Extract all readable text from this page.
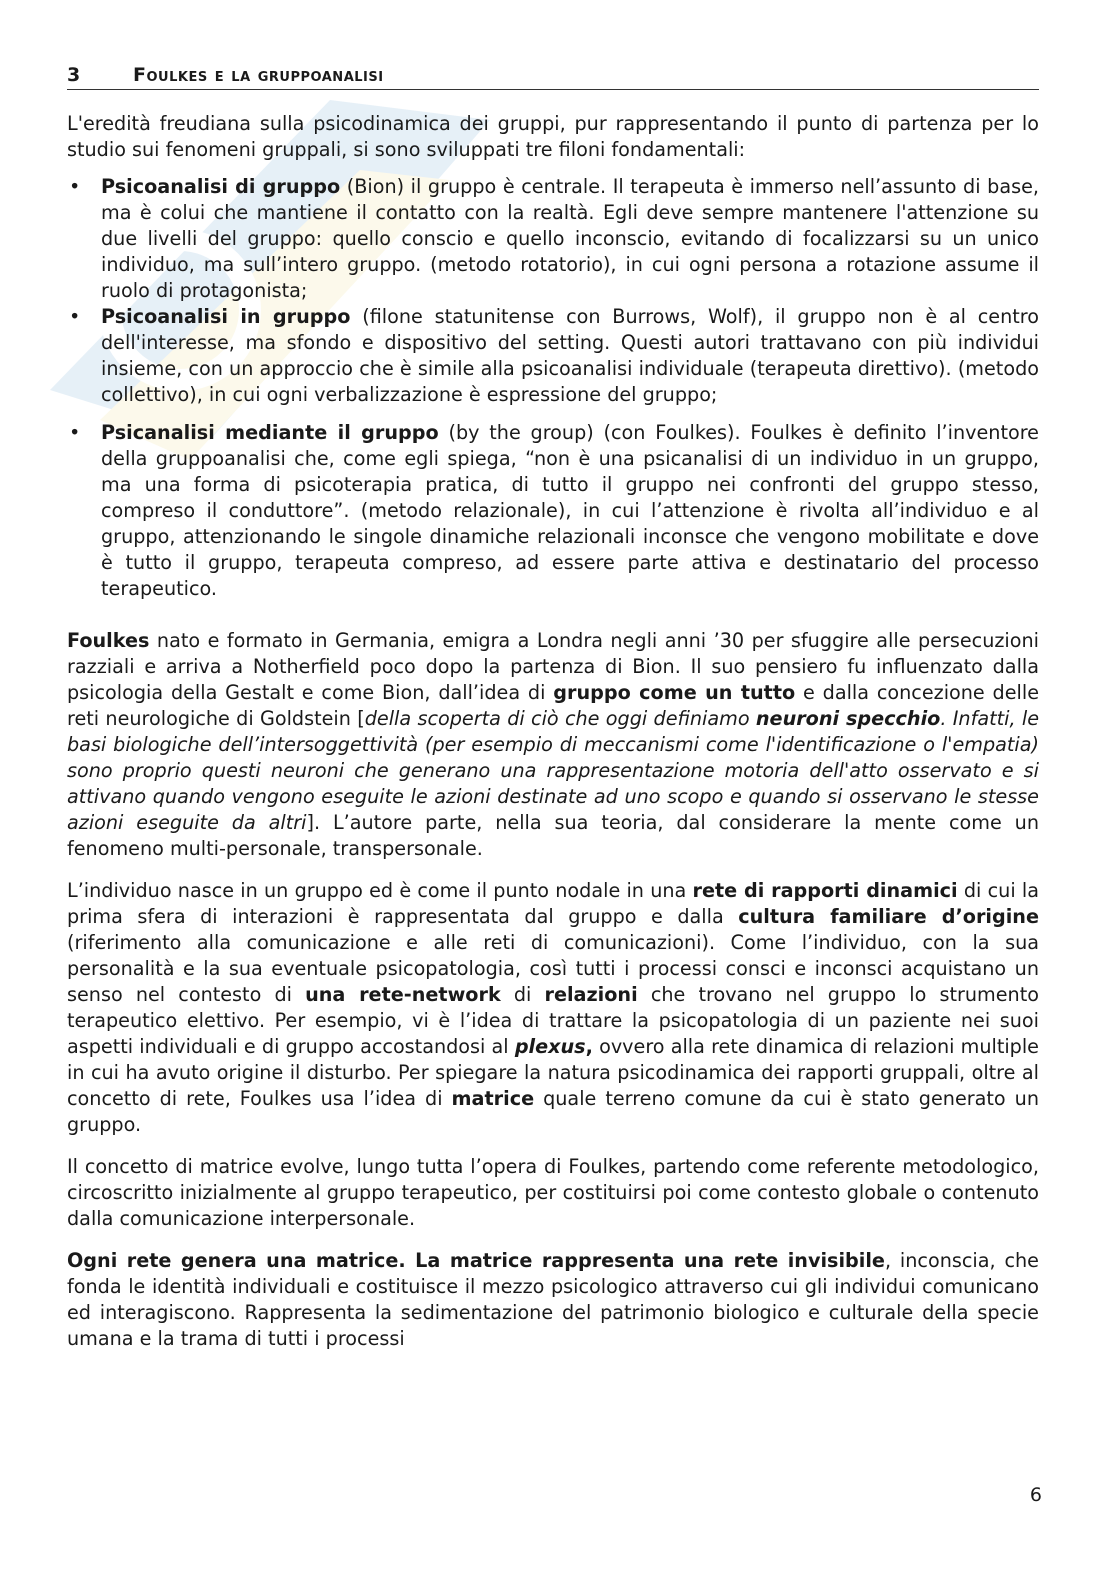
3	Foulkes e la gruppoanalisi

L'eredità freudiana sulla psicodinamica dei gruppi, pur rappresentando il punto di partenza per lo studio sui fenomeni gruppali, si sono sviluppati tre filoni fondamentali:

• Psicoanalisi di gruppo (Bion) il gruppo è centrale. Il terapeuta è immerso nell’assunto di base, ma è colui che mantiene il contatto con la realtà. Egli deve sempre mantenere l'attenzione su due livelli del gruppo: quello conscio e quello inconscio, evitando di focalizzarsi su un unico individuo, ma sull’intero gruppo. (metodo rotatorio), in cui ogni persona a rotazione assume il ruolo di protagonista;
• Psicoanalisi in gruppo (filone statunitense con Burrows, Wolf), il gruppo non è al centro dell'interesse, ma sfondo e dispositivo del setting. Questi autori trattavano con più individui insieme, con un approccio che è simile alla psicoanalisi individuale (terapeuta direttivo). (metodo collettivo), in cui ogni verbalizzazione è espressione del gruppo;
• Psicanalisi mediante il gruppo (by the group) (con Foulkes). Foulkes è definito l’inventore della gruppoanalisi che, come egli spiega, “non è una psicanalisi di un individuo in un gruppo, ma una forma di psicoterapia pratica, di tutto il gruppo nei confronti del gruppo stesso, compreso il conduttore”. (metodo relazionale), in cui l’attenzione è rivolta all’individuo e al gruppo, attenzionando le singole dinamiche relazionali inconsce che vengono mobilitate e dove è tutto il gruppo, terapeuta compreso, ad essere parte attiva e destinatario del processo terapeutico.

Foulkes nato e formato in Germania, emigra a Londra negli anni ’30 per sfuggire alle persecuzioni razziali e arriva a Notherfield poco dopo la partenza di Bion. Il suo pensiero fu influenzato dalla psicologia della Gestalt e come Bion, dall’idea di gruppo come un tutto e dalla concezione delle reti neurologiche di Goldstein [della scoperta di ciò che oggi definiamo neuroni specchio. Infatti, le basi biologiche dell’intersoggettività (per esempio di meccanismi come l'identificazione o l'empatia) sono proprio questi neuroni che generano una rappresentazione motoria dell'atto osservato e si attivano quando vengono eseguite le azioni destinate ad uno scopo e quando si osservano le stesse azioni eseguite da altri]. L’autore parte, nella sua teoria, dal considerare la mente come un fenomeno multi-personale, transpersonale.

L’individuo nasce in un gruppo ed è come il punto nodale in una rete di rapporti dinamici di cui la prima sfera di interazioni è rappresentata dal gruppo e dalla cultura familiare d’origine (riferimento alla comunicazione e alle reti di comunicazioni). Come l’individuo, con la sua personalità e la sua eventuale psicopatologia, così tutti i processi consci e inconsci acquistano un senso nel contesto di una rete-network di relazioni che trovano nel gruppo lo strumento terapeutico elettivo. Per esempio, vi è l’idea di trattare la psicopatologia di un paziente nei suoi aspetti individuali e di gruppo accostandosi al plexus, ovvero alla rete dinamica di relazioni multiple in cui ha avuto origine il disturbo. Per spiegare la natura psicodinamica dei rapporti gruppali, oltre al concetto di rete, Foulkes usa l’idea di matrice quale terreno comune da cui è stato generato un gruppo.

Il concetto di matrice evolve, lungo tutta l’opera di Foulkes, partendo come referente metodologico, circoscritto inizialmente al gruppo terapeutico, per costituirsi poi come contesto globale o contenuto dalla comunicazione interpersonale.

Ogni rete genera una matrice. La matrice rappresenta una rete invisibile, inconscia, che fonda le identità individuali e costituisce il mezzo psicologico attraverso cui gli individui comunicano ed interagiscono. Rappresenta la sedimentazione del patrimonio biologico e culturale della specie umana e la trama di tutti i processi

6
